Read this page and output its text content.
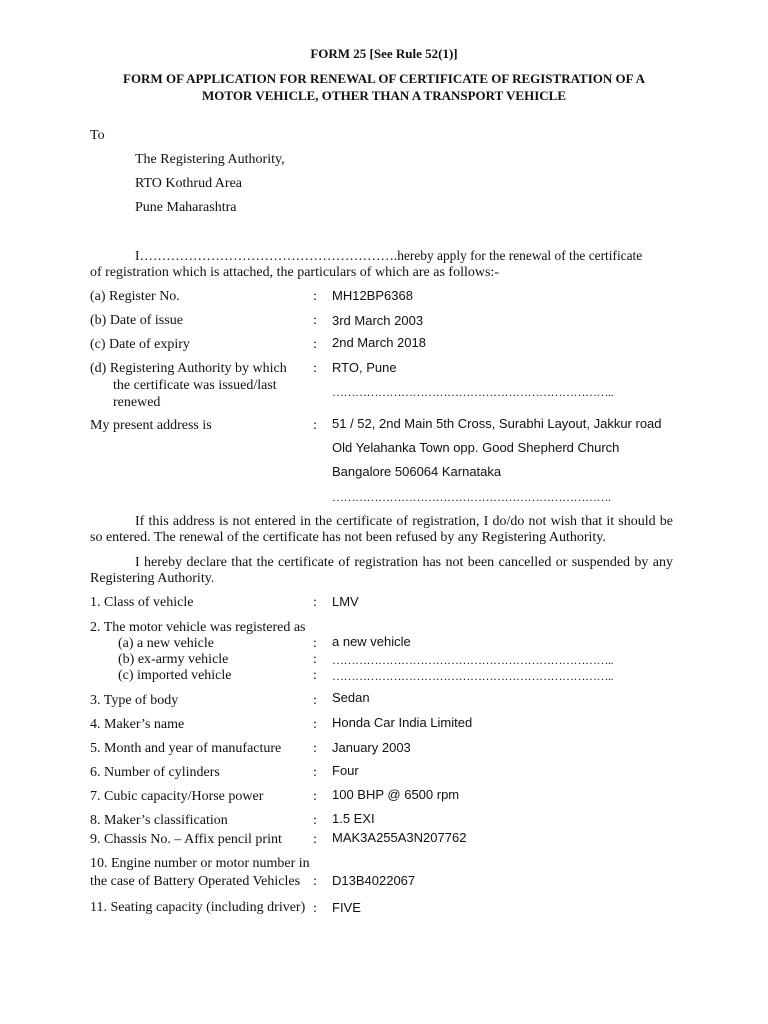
FORM 25 [See Rule 52(1)]
FORM OF APPLICATION FOR RENEWAL OF CERTIFICATE OF REGISTRATION OF A
MOTOR VEHICLE, OTHER THAN A TRANSPORT VEHICLE
To
The Registering Authority,
RTO Kothrud Area
Pune Maharashtra
I………………………………………………….hereby apply for the renewal of the certificate
of registration which is attached, the particulars of which are as follows:-
(a) Register No.	: MH12BP6368
(b) Date of issue	: 3rd March 2003
(c) Date of expiry	: 2nd March 2018
(d) Registering Authority by which
the certificate was issued/last
renewed
: RTO, Pune
………………………………………………………………..
My present address is	: 51 / 52, 2nd Main 5th Cross, Surabhi Layout, Jakkur road
Old Yelahanka Town opp. Good Shepherd Church
Bangalore 506064 Karnataka
……………………………………………………………….
If this address is not entered in the certificate of registration, I do/do not wish that it should be so entered. The renewal of the certificate has not been refused by any Registering Authority.
I hereby declare that the certificate of registration has not been cancelled or suspended by any Registering Authority.
1. Class of vehicle	: LMV
2. The motor vehicle was registered as
(a) a new vehicle	: a new vehicle
(b) ex-army vehicle	: ………………………………………………………………..
(c) imported vehicle	: ………………………………………………………………..
3. Type of body	: Sedan
4. Maker’s name	: Honda Car India Limited
5. Month and year of manufacture : January 2003
6. Number of cylinders	: Four
7. Cubic capacity/Horse power	: 100 BHP @ 6500 rpm
8. Maker’s classification	: 1.5 EXI
9. Chassis No. – Affix pencil print : MAK3A255A3N207762
10. Engine number or motor number in
the case of Battery Operated Vehicles : D13B4022067
11. Seating capacity (including driver) : FIVE
